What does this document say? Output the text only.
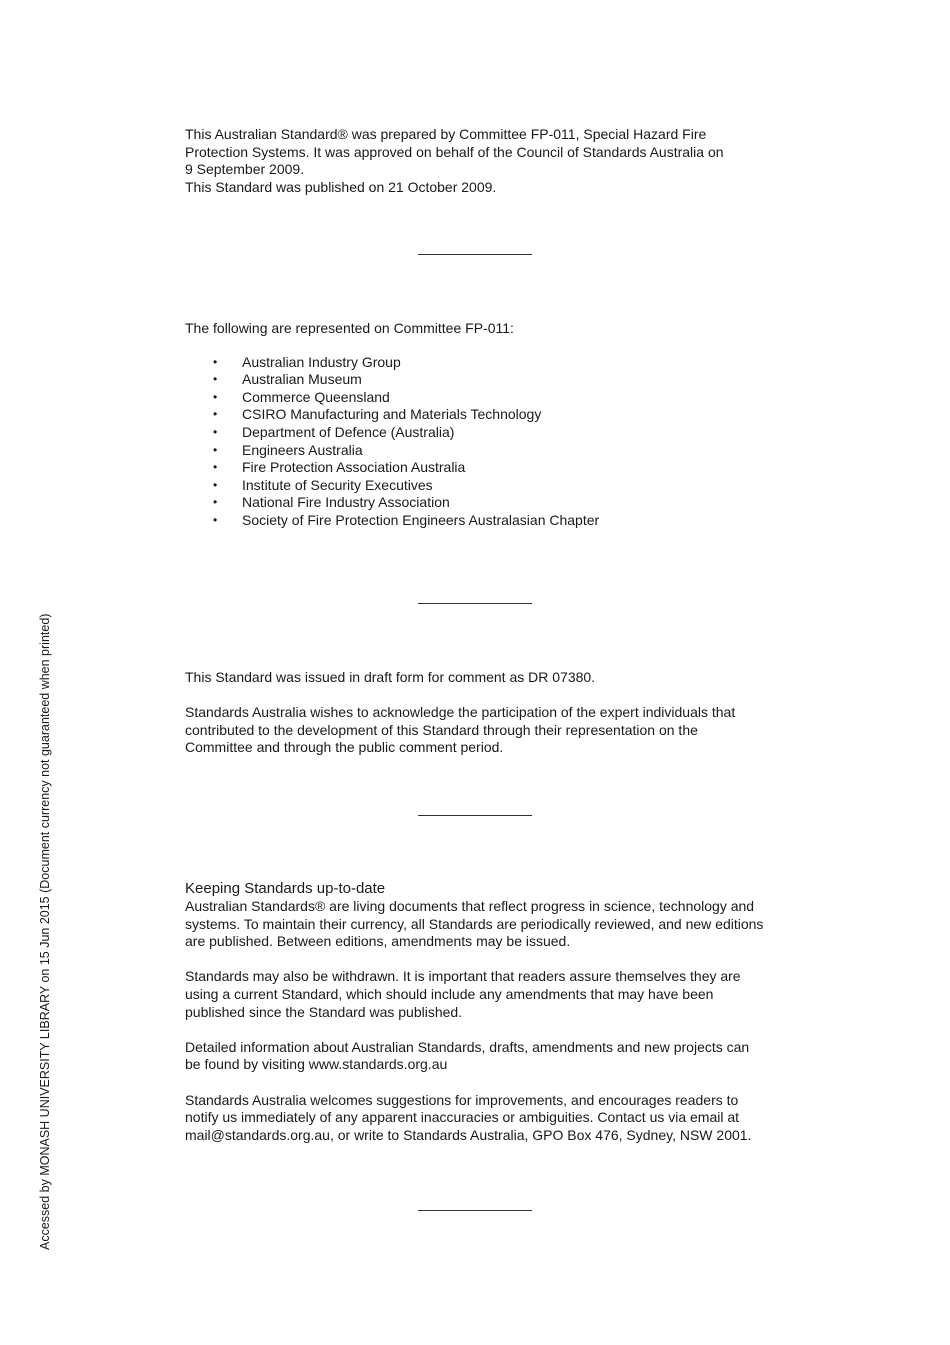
This Australian Standard® was prepared by Committee FP-011, Special Hazard Fire
Protection Systems. It was approved on behalf of the Council of Standards Australia on
9 September 2009.
This Standard was published on 21 October 2009.

The following are represented on Committee FP-011:

• Australian Industry Group
• Australian Museum
• Commerce Queensland
• CSIRO Manufacturing and Materials Technology
• Department of Defence (Australia)
• Engineers Australia
• Fire Protection Association Australia
• Institute of Security Executives
• National Fire Industry Association
• Society of Fire Protection Engineers Australasian Chapter

This Standard was issued in draft form for comment as DR 07380.

Standards Australia wishes to acknowledge the participation of the expert individuals that
contributed to the development of this Standard through their representation on the
Committee and through the public comment period.

Keeping Standards up-to-date

Australian Standards® are living documents that reflect progress in science, technology and
systems. To maintain their currency, all Standards are periodically reviewed, and new editions
are published. Between editions, amendments may be issued.

Standards may also be withdrawn. It is important that readers assure themselves they are
using a current Standard, which should include any amendments that may have been
published since the Standard was published.

Detailed information about Australian Standards, drafts, amendments and new projects can
be found by visiting www.standards.org.au

Standards Australia welcomes suggestions for improvements, and encourages readers to
notify us immediately of any apparent inaccuracies or ambiguities. Contact us via email at
mail@standards.org.au, or write to Standards Australia, GPO Box 476, Sydney, NSW 2001.

Accessed by MONASH UNIVERSITY LIBRARY on 15 Jun 2015 (Document currency not guaranteed when printed)
